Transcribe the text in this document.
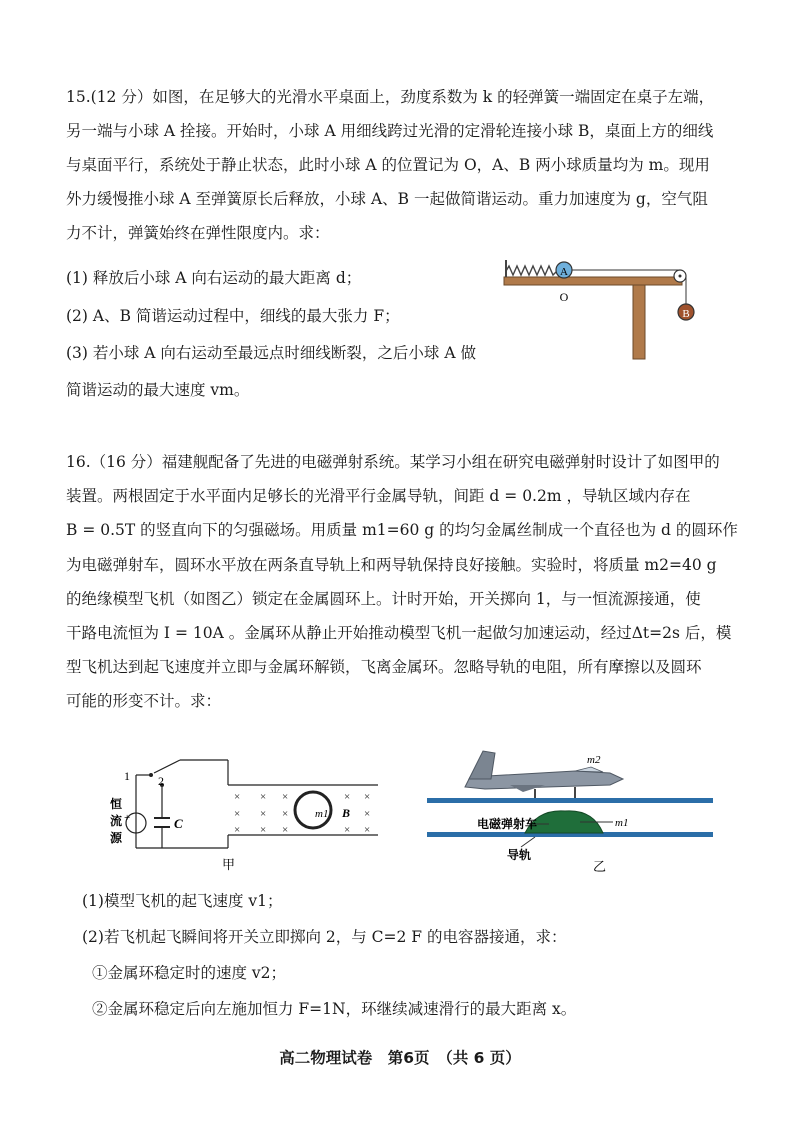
15.(12 分）如图，在足够大的光滑水平桌面上，劲度系数为 k 的轻弹簧一端固定在桌子左端，
另一端与小球 A 拴接。开始时，小球 A 用细线跨过光滑的定滑轮连接小球 B，桌面上方的细线
与桌面平行，系统处于静止状态，此时小球 A 的位置记为 O，A、B 两小球质量均为 m。现用
外力缓慢推小球 A 至弹簧原长后释放，小球 A、B 一起做简谐运动。重力加速度为 g，空气阻
力不计，弹簧始终在弹性限度内。求：
(1) 释放后小球 A 向右运动的最大距离 d；
(2) A、B 简谐运动过程中，细线的最大张力 F；
(3) 若小球 A 向右运动至最远点时细线断裂，之后小球 A 做
简谐运动的最大速度 vm。
A
B
O
16.（16 分）福建舰配备了先进的电磁弹射系统。某学习小组在研究电磁弹射时设计了如图甲的
装置。两根固定于水平面内足够长的光滑平行金属导轨，间距 d = 0.2m ，导轨区域内存在
B = 0.5T 的竖直向下的匀强磁场。用质量 m1=60 g 的均匀金属丝制成一个直径也为 d 的圆环作
为电磁弹射车，圆环水平放在两条直导轨上和两导轨保持良好接触。实验时，将质量 m2=40 g
的绝缘模型飞机（如图乙）锁定在金属圆环上。计时开始，开关掷向 1，与一恒流源接通，使
干路电流恒为 I = 10A 。金属环从静止开始推动模型飞机一起做匀加速运动，经过Δt=2s 后，模
型飞机达到起飞速度并立即与金属环解锁，飞离金属环。忽略导轨的电阻，所有摩擦以及圆环
可能的形变不计。求：
1 2
恒
流
源
+	C
× × ×	× ×
× × ×	×
× × ×	× ×
m1 B
甲
m2
电磁弹射车	m1
导轨
乙
(1)模型飞机的起飞速度 v1；
(2)若飞机起飞瞬间将开关立即掷向 2，与 C=2 F 的电容器接通，求：
①金属环稳定时的速度 v2；
②金属环稳定后向左施加恒力 F=1N，环继续减速滑行的最大距离 x。
高二物理试卷　第6页　（共 6 页）
